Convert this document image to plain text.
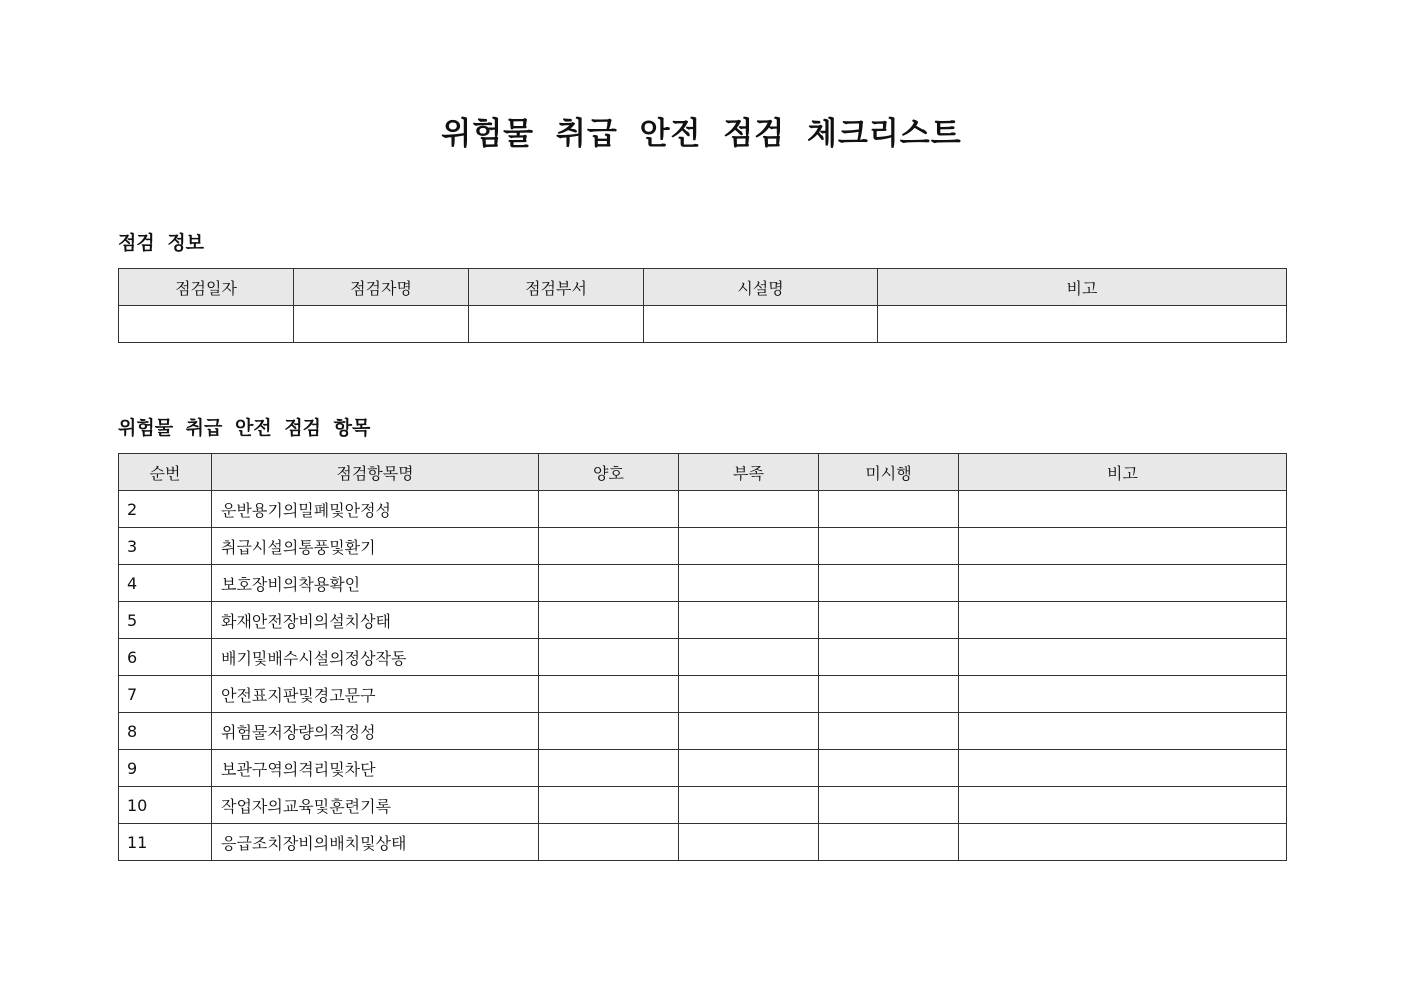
위험물 취급 안전 점검 체크리스트
점검 정보
점검일자	점검자명	점검부서	시설명	비고

위험물 취급 안전 점검 항목
순번	점검항목명	양호	부족	미시행	비고
2	운반용기의밀폐및안정성				
3	취급시설의통풍및환기				
4	보호장비의착용확인				
5	화재안전장비의설치상태				
6	배기및배수시설의정상작동				
7	안전표지판및경고문구				
8	위험물저장량의적정성				
9	보관구역의격리및차단				
10	작업자의교육및훈련기록				
11	응급조치장비의배치및상태				
